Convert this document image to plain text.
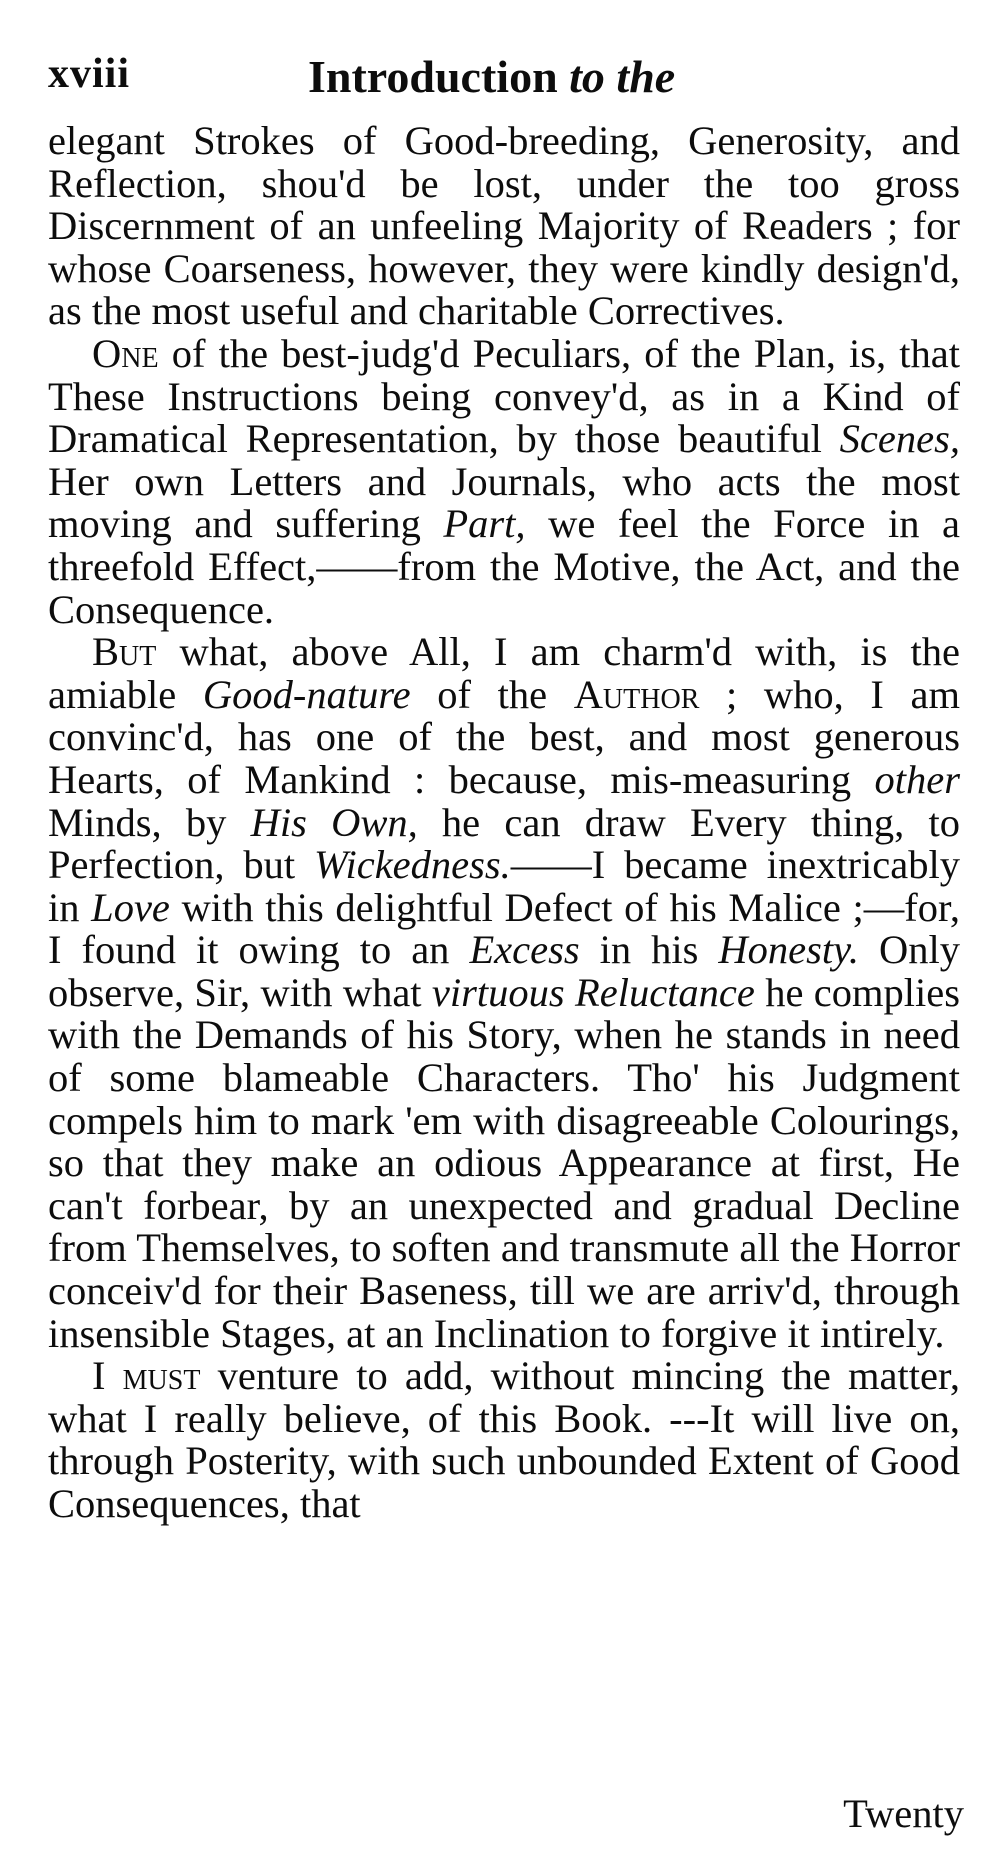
xviii	Introduction to the

elegant Strokes of Good-breeding, Generosity, and Reflection, shou'd be lost, under the too gross Discernment of an unfeeling Majority of Readers ; for whose Coarseness, however, they were kindly design'd, as the most useful and charitable Correctives.

One of the best-judg'd Peculiars, of the Plan, is, that These Instructions being convey'd, as in a Kind of Dramatical Representation, by those beautiful Scenes, Her own Letters and Journals, who acts the most moving and suffering Part, we feel the Force in a threefold Effect,——from the Motive, the Act, and the Consequence.

But what, above All, I am charm'd with, is the amiable Good-nature of the Author ; who, I am convinc'd, has one of the best, and most generous Hearts, of Mankind : because, mis-measuring other Minds, by His Own, he can draw Every thing, to Perfection, but Wickedness.——I became inextricably in Love with this delightful Defect of his Malice ;—for, I found it owing to an Excess in his Honesty. Only observe, Sir, with what virtuous Reluctance he complies with the Demands of his Story, when he stands in need of some blameable Characters. Tho' his Judgment compels him to mark 'em with disagreeable Colourings, so that they make an odious Appearance at first, He can't forbear, by an unexpected and gradual Decline from Themselves, to soften and transmute all the Horror conceiv'd for their Baseness, till we are arriv'd, through insensible Stages, at an Inclination to forgive it intirely.

I must venture to add, without mincing the matter, what I really believe, of this Book. ---It will live on, through Posterity, with such unbounded Extent of Good Consequences, that

Twenty
